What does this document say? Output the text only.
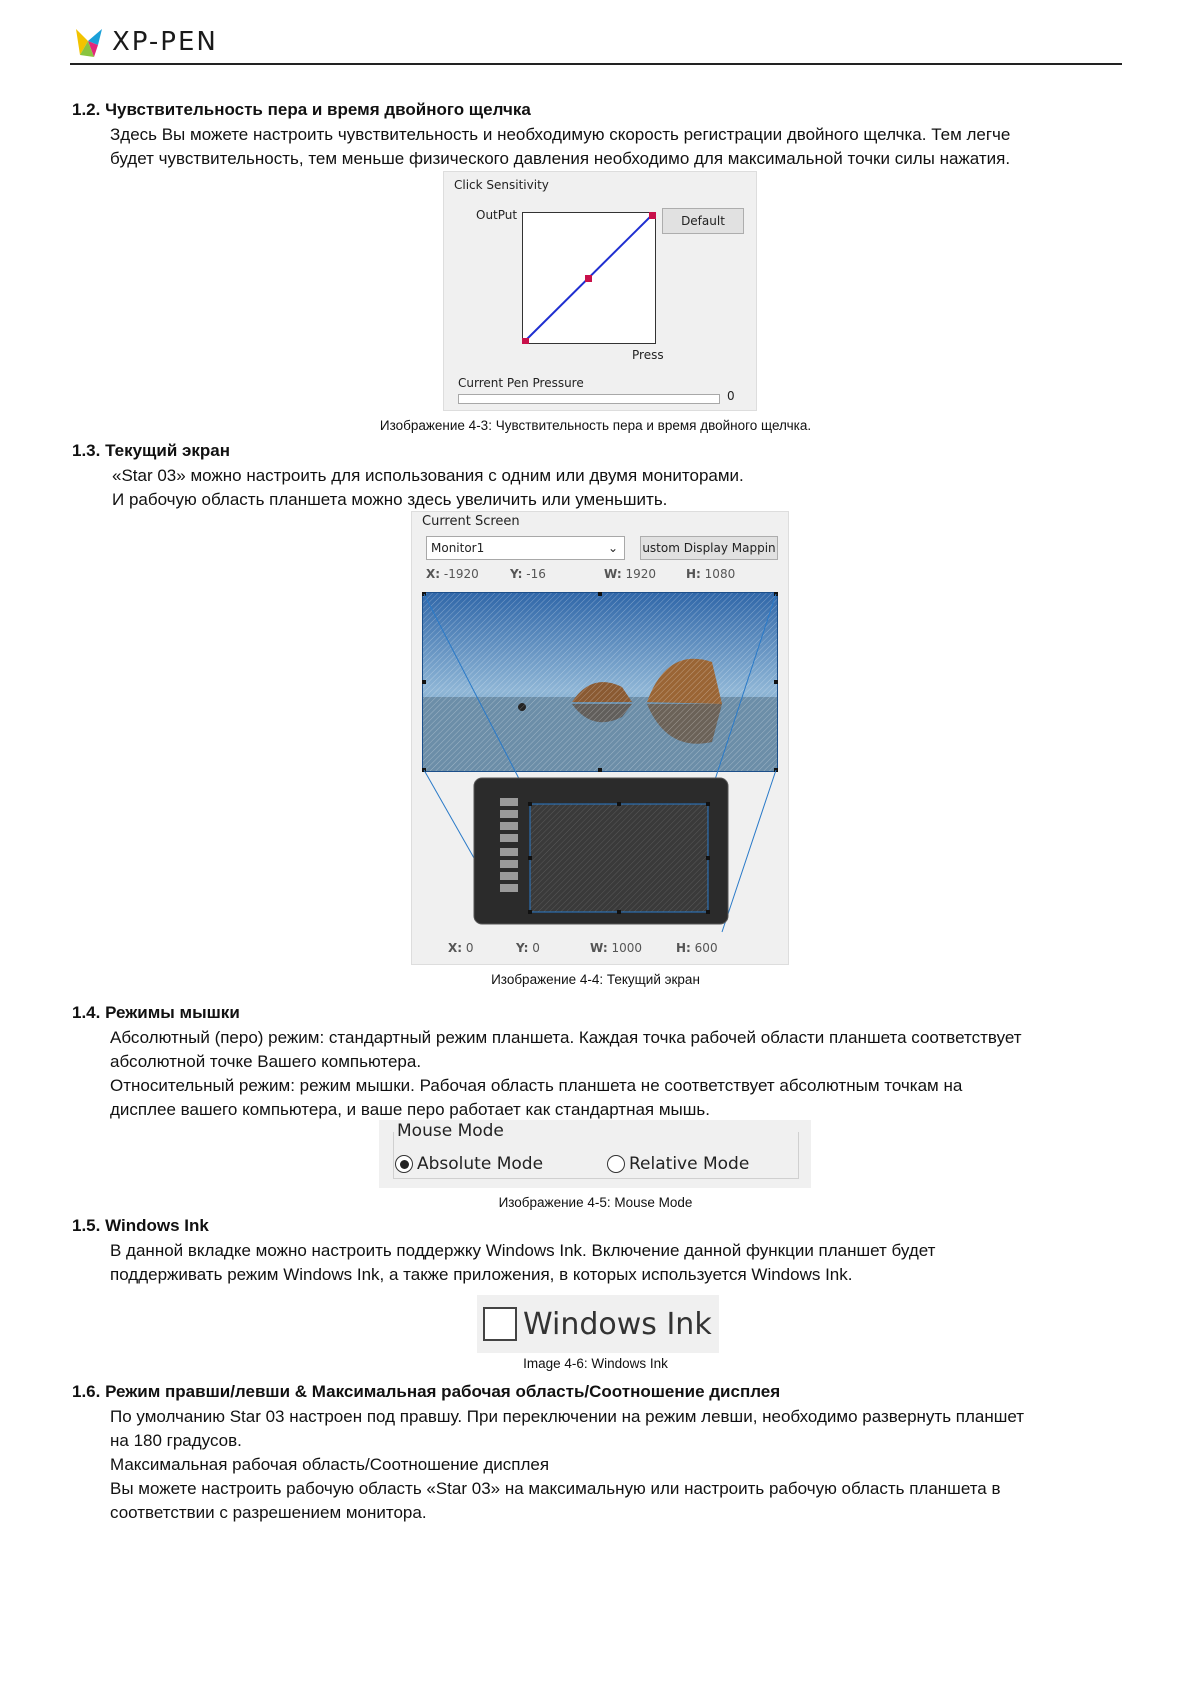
XP-PEN
1.2. Чувствительность пера и время двойного щелчка
Здесь Вы можете настроить чувствительность и необходимую скорость регистрации двойного щелчка. Тем легче
будет чувствительность, тем меньше физического давления необходимо для максимальной точки силы нажатия.
Click Sensitivity
OutPut	Default
Press
Current Pen Pressure
0
Изображение 4-3: Чувствительность пера и время двойного щелчка.
1.3. Текущий экран
«Star 03» можно настроить для использования с одним или двумя мониторами.
И рабочую область планшета можно здесь увеличить или уменьшить.
Current Screen
Monitor1	⌄ ustom Display Mappin
X: -1920	Y: -16	W: 1920 H: 1080
X: 0	Y: 0	W: 1000	H: 600
Изображение 4-4: Текущий экран
1.4. Режимы мышки
Абсолютный (перо) режим: стандартный режим планшета. Каждая точка рабочей области планшета соответствует
абсолютной точке Вашего компьютера.
Относительный режим: режим мышки. Рабочая область планшета не соответствует абсолютным точкам на
дисплее вашего компьютера, и ваше перо работает как стандартная мышь.
Mouse Mode
Absolute Mode	Relative Mode
Изображение 4-5: Mouse Mode
1.5. Windows Ink
В данной вкладке можно настроить поддержку Windows Ink. Включение данной функции планшет будет
поддерживать режим Windows Ink, а также приложения, в которых используется Windows Ink.
Windows Ink
Image 4-6: Windows Ink
1.6. Режим правши/левши & Максимальная рабочая область/Соотношение дисплея
По умолчанию Star 03 настроен под правшу. При переключении на режим левши, необходимо развернуть планшет
на 180 градусов.
Максимальная рабочая область/Соотношение дисплея
Вы можете настроить рабочую область «Star 03» на максимальную или настроить рабочую область планшета в
соответствии с разрешением монитора.
